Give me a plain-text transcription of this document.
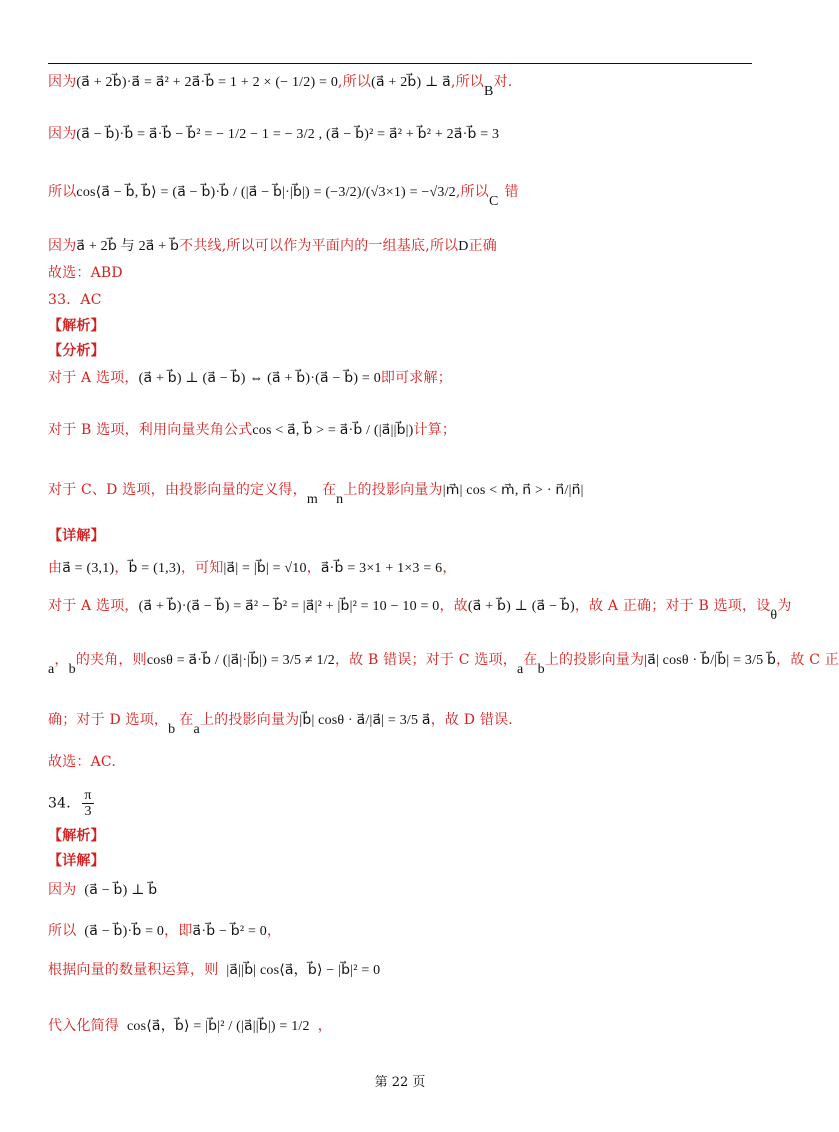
因为(a⃗ + 2b⃗)·a⃗ = a⃗² + 2a⃗·b⃗ = 1 + 2 × (− 1/2) = 0,所以(a⃗ + 2b⃗) ⊥ a⃗,所以B对.
因为(a⃗ − b⃗)·b⃗ = a⃗·b⃗ − b⃗² = − 1/2 − 1 = − 3/2 , (a⃗ − b⃗)² = a⃗² + b⃗² + 2a⃗·b⃗ = 3
所以cos⟨a⃗ − b⃗, b⃗⟩ = (a⃗ − b⃗)·b⃗ / (|a⃗ − b⃗|·|b⃗|) = (−3/2)/(√3×1) = −√3/2,所以C错
因为a⃗ + 2b⃗ 与 2a⃗ + b⃗不共线,所以可以作为平面内的一组基底,所以D正确
故选：ABD
33．AC
【解析】
【分析】
对于 A 选项，(a⃗ + b⃗) ⊥ (a⃗ − b⃗) ⇔ (a⃗ + b⃗)·(a⃗ − b⃗) = 0即可求解；
对于 B 选项，利用向量夹角公式cos < a⃗, b⃗ > = a⃗·b⃗ / (|a⃗||b⃗|)计算；
对于 C、D 选项，由投影向量的定义得，m在n上的投影向量为|m⃗| cos < m⃗, n⃗ > · n⃗/|n⃗|
【详解】
由a⃗ = (3,1)，b⃗ = (1,3)，可知|a⃗| = |b⃗| = √10，a⃗·b⃗ = 3×1 + 1×3 = 6，
对于 A 选项，(a⃗ + b⃗)·(a⃗ − b⃗) = a⃗² − b⃗² = |a⃗|² + |b⃗|² = 10 − 10 = 0，故(a⃗ + b⃗) ⊥ (a⃗ − b⃗)，故 A 正确；对于 B 选项，设θ为
a，b的夹角，则cosθ = a⃗·b⃗ / (|a⃗|·|b⃗|) = 3/5 ≠ 1/2，故 B 错误；对于 C 选项，a在b上的投影向量为|a⃗| cosθ · b⃗/|b⃗| = 3/5 b⃗，故 C 正
确；对于 D 选项，b在a上的投影向量为|b⃗| cosθ · a⃗/|a⃗| = 3/5 a⃗，故 D 错误.
故选：AC.
34． $\frac{\pi}{3}$
【解析】
【详解】
因为 (a⃗ − b⃗) ⊥ b⃗
所以 (a⃗ − b⃗)·b⃗ = 0，即a⃗·b⃗ − b⃗² = 0，
根据向量的数量积运算，则 |a⃗||b⃗| cos⟨a⃗，b⃗⟩ − |b⃗|² = 0
代入化简得 cos⟨a⃗，b⃗⟩ = |b⃗|² / (|a⃗||b⃗|) = 1/2 ，
第 22 页
